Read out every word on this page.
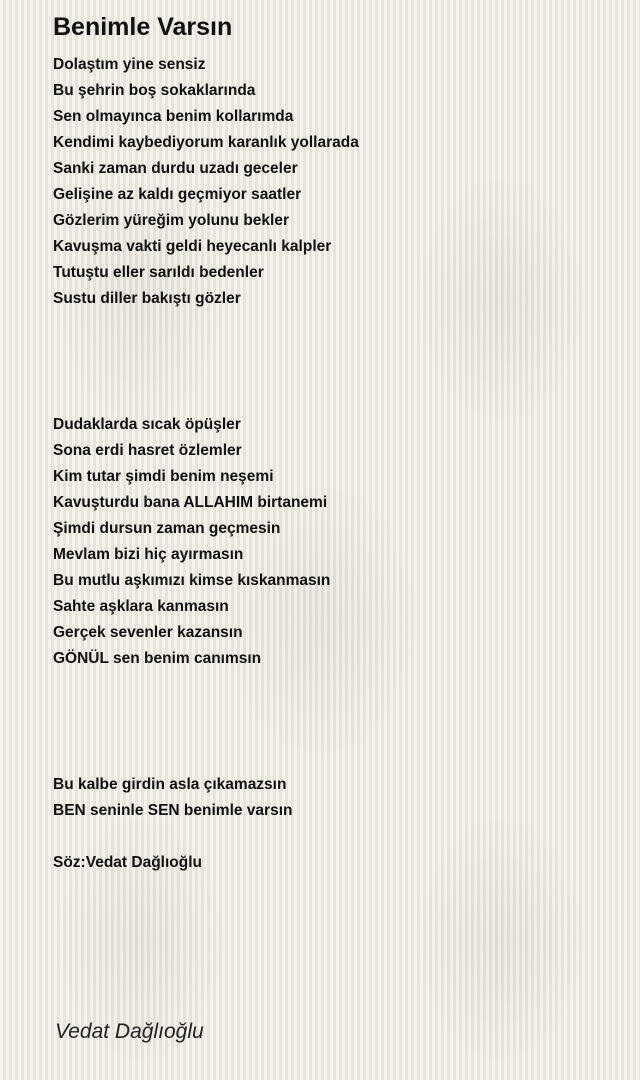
Benimle Varsın
Dolaştım yine sensiz
Bu şehrin boş sokaklarında
Sen olmayınca benim kollarımda
Kendimi kaybediyorum karanlık yollarada
Sanki zaman durdu uzadı geceler
Gelişine az kaldı geçmiyor saatler
Gözlerim yüreğim yolunu bekler
Kavuşma vakti geldi heyecanlı kalpler
Tutuştu eller sarıldı bedenler
Sustu diller bakıştı gözler
Dudaklarda sıcak öpüşler
Sona erdi hasret özlemler
Kim tutar şimdi benim neşemi
Kavuşturdu bana ALLAHIM birtanemi
Şimdi dursun zaman geçmesin
Mevlam bizi hiç ayırmasın
Bu mutlu aşkımızı kimse kıskanmasın
Sahte aşklara kanmasın
Gerçek sevenler kazansın
GÖNÜL sen benim canımsın
Bu kalbe girdin asla çıkamazsın
BEN seninle SEN benimle varsın
Söz:Vedat Dağlıoğlu
Vedat Dağlıoğlu
